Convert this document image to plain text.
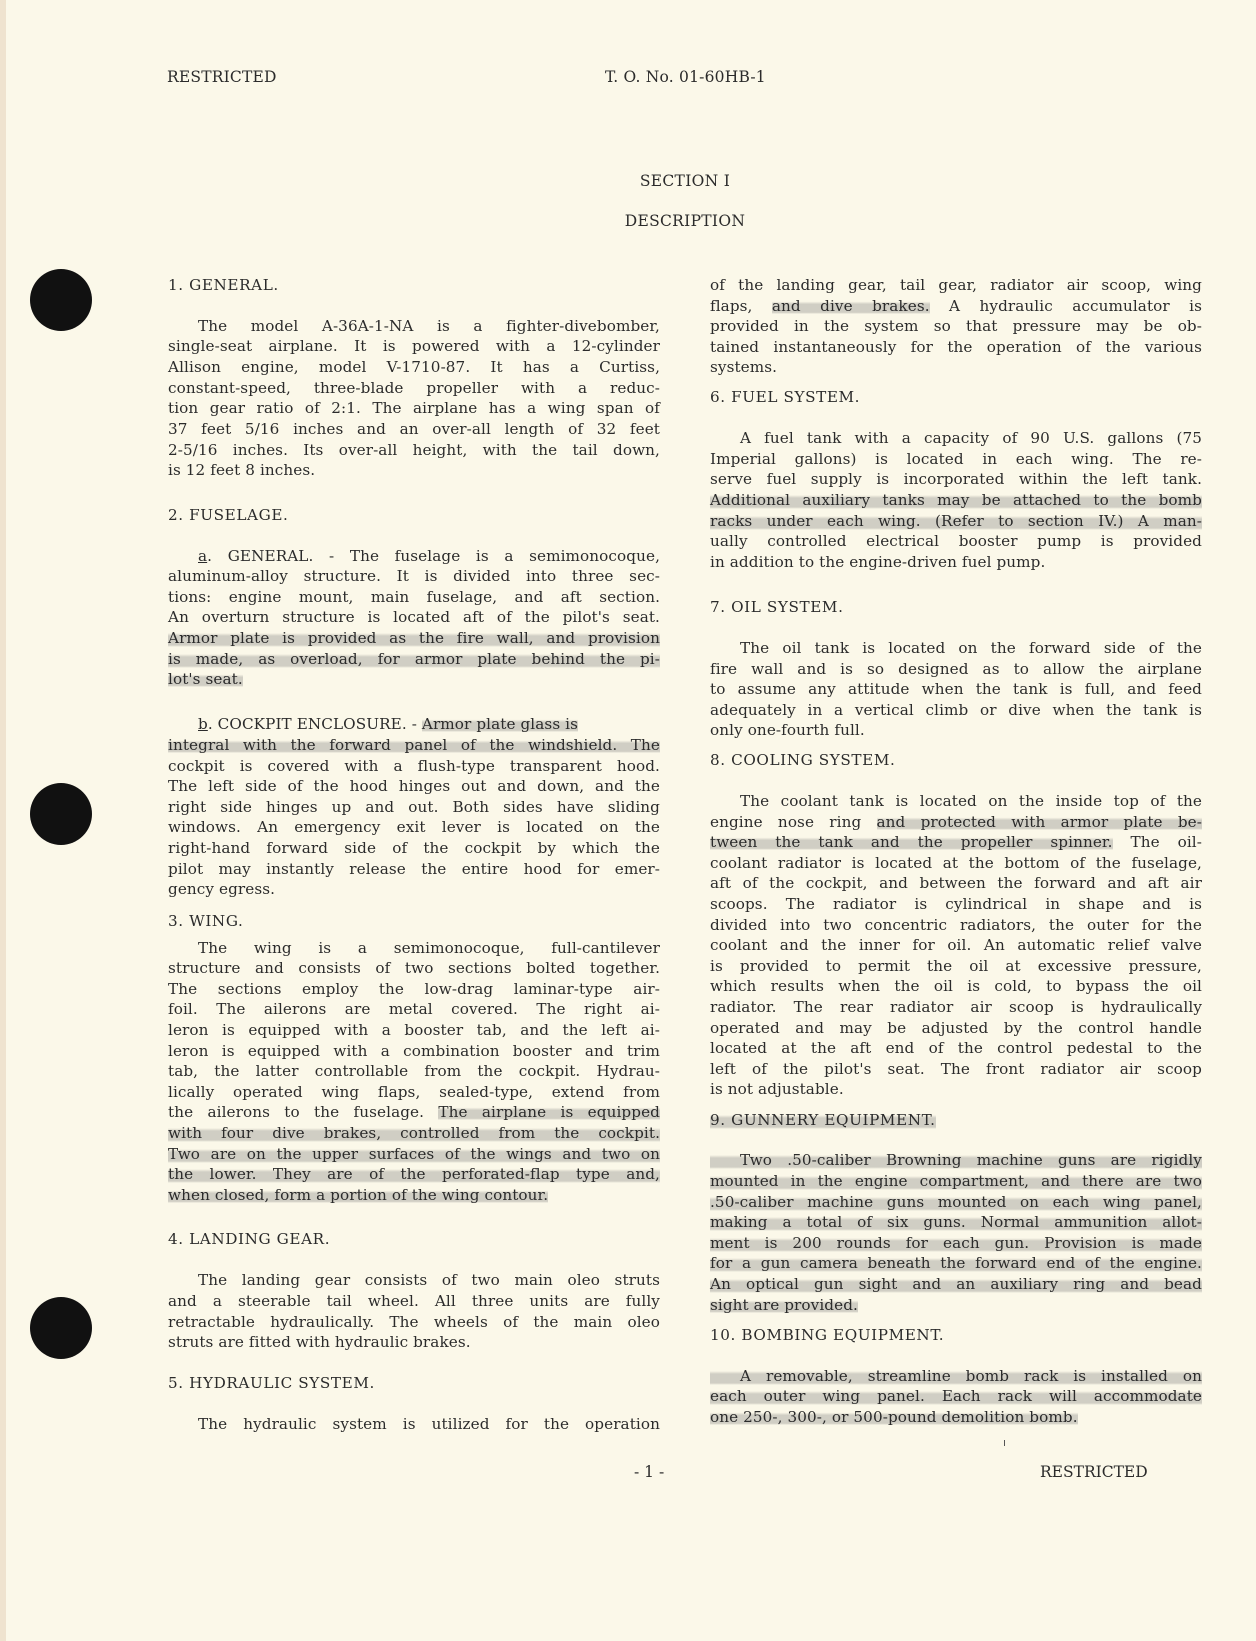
RESTRICTED	T. O. No. 01-60HB-1
SECTION I
DESCRIPTION
1. GENERAL.
The model A-36A-1-NA is a fighter-divebomber,
single-seat airplane. It is powered with a 12-cylinder
Allison engine, model V-1710-87. It has a Curtiss,
constant-speed, three-blade propeller with a reduc-
tion gear ratio of 2:1. The airplane has a wing span of
37 feet 5/16 inches and an over-all length of 32 feet
2-5/16 inches. Its over-all height, with the tail down,
is 12 feet 8 inches.
2. FUSELAGE.
a. GENERAL. - The fuselage is a semimonocoque,
aluminum-alloy structure. It is divided into three sec-
tions: engine mount, main fuselage, and aft section.
An overturn structure is located aft of the pilot's seat.
Armor plate is provided as the fire wall, and provision
is made, as overload, for armor plate behind the pi-
lot's seat.
b. COCKPIT ENCLOSURE. - Armor plate glass is
integral with the forward panel of the windshield. The
cockpit is covered with a flush-type transparent hood.
The left side of the hood hinges out and down, and the
right side hinges up and out. Both sides have sliding
windows. An emergency exit lever is located on the
right-hand forward side of the cockpit by which the
pilot may instantly release the entire hood for emer-
gency egress.
3. WING.
The wing is a semimonocoque, full-cantilever
structure and consists of two sections bolted together.
The sections employ the low-drag laminar-type air-
foil. The ailerons are metal covered. The right ai-
leron is equipped with a booster tab, and the left ai-
leron is equipped with a combination booster and trim
tab, the latter controllable from the cockpit. Hydrau-
lically operated wing flaps, sealed-type, extend from
the ailerons to the fuselage. The airplane is equipped
with four dive brakes, controlled from the cockpit.
Two are on the upper surfaces of the wings and two on
the lower. They are of the perforated-flap type and,
when closed, form a portion of the wing contour.
4. LANDING GEAR.
The landing gear consists of two main oleo struts
and a steerable tail wheel. All three units are fully
retractable hydraulically. The wheels of the main oleo
struts are fitted with hydraulic brakes.
5. HYDRAULIC SYSTEM.
The hydraulic system is utilized for the operation
of the landing gear, tail gear, radiator air scoop, wing
flaps, and dive brakes. A hydraulic accumulator is
provided in the system so that pressure may be ob-
tained instantaneously for the operation of the various
systems.
6. FUEL SYSTEM.
A fuel tank with a capacity of 90 U.S. gallons (75
Imperial gallons) is located in each wing. The re-
serve fuel supply is incorporated within the left tank.
Additional auxiliary tanks may be attached to the bomb
racks under each wing. (Refer to section IV.) A man-
ually controlled electrical booster pump is provided
in addition to the engine-driven fuel pump.
7. OIL SYSTEM.
The oil tank is located on the forward side of the
fire wall and is so designed as to allow the airplane
to assume any attitude when the tank is full, and feed
adequately in a vertical climb or dive when the tank is
only one-fourth full.
8. COOLING SYSTEM.
The coolant tank is located on the inside top of the
engine nose ring and protected with armor plate be-
tween the tank and the propeller spinner. The oil-
coolant radiator is located at the bottom of the fuselage,
aft of the cockpit, and between the forward and aft air
scoops. The radiator is cylindrical in shape and is
divided into two concentric radiators, the outer for the
coolant and the inner for oil. An automatic relief valve
is provided to permit the oil at excessive pressure,
which results when the oil is cold, to bypass the oil
radiator. The rear radiator air scoop is hydraulically
operated and may be adjusted by the control handle
located at the aft end of the control pedestal to the
left of the pilot's seat. The front radiator air scoop
is not adjustable.
9. GUNNERY EQUIPMENT.
Two .50-caliber Browning machine guns are rigidly
mounted in the engine compartment, and there are two
.50-caliber machine guns mounted on each wing panel,
making a total of six guns. Normal ammunition allot-
ment is 200 rounds for each gun. Provision is made
for a gun camera beneath the forward end of the engine.
An optical gun sight and an auxiliary ring and bead
sight are provided.
10. BOMBING EQUIPMENT.
A removable, streamline bomb rack is installed on
each outer wing panel. Each rack will accommodate
one 250-, 300-, or 500-pound demolition bomb.
- 1 -	RESTRICTED
